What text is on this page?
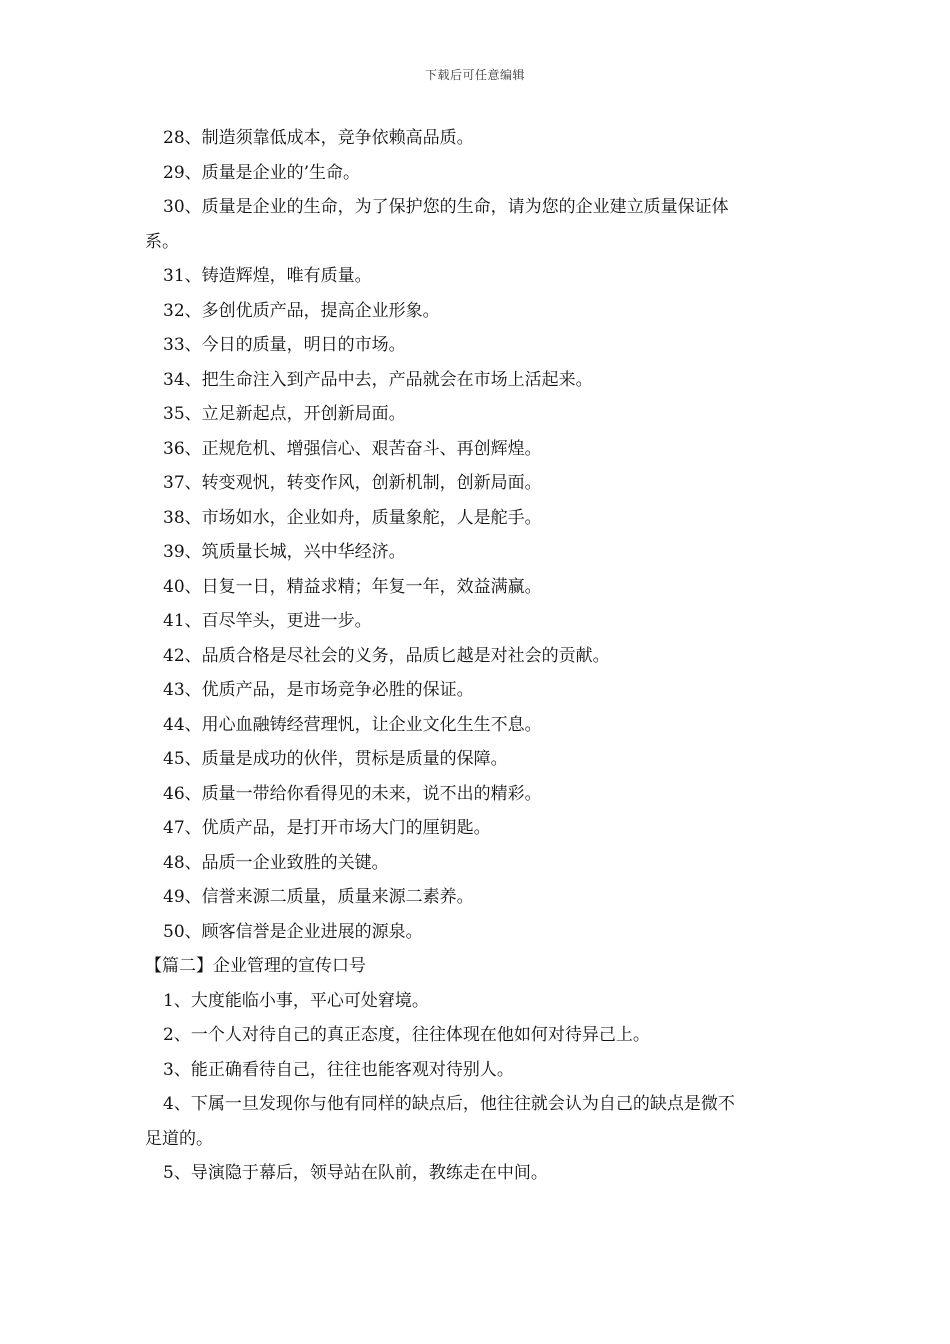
下载后可任意编辑
28、制造须靠低成本，竞争依赖高品质。
29、质量是企业的’生命。
30、质量是企业的生命，为了保护您的生命，请为您的企业建立质量保证体
系。
31、铸造辉煌，唯有质量。
32、多创优质产品，提高企业形象。
33、今日的质量，明日的市场。
34、把生命注入到产品中去，产品就会在市场上活起来。
35、立足新起点，开创新局面。
36、正规危机、增强信心、艰苦奋斗、再创辉煌。
37、转变观忛，转变作风，创新机制，创新局面。
38、市场如水，企业如舟，质量象舵，人是舵手。
39、筑质量长城，兴中华经济。
40、日复一日，精益求精；年复一年，效益满赢。
41、百尽竿头，更进一步。
42、品质合格是尽社会的义务，品质匕越是对社会的贡献。
43、优质产品，是市场竞争必胜的保证。
44、用心血融铸经营理忛，让企业文化生生不息。
45、质量是成功的伙伴，贯标是质量的保障。
46、质量一带给你看得见的未来，说不出的精彩。
47、优质产品，是打开市场大门的厘钥匙。
48、品质一企业致胜的关键。
49、信誉来源二质量，质量来源二素养。
50、顾客信誉是企业进展的源泉。
【篇二】企业管理的宣传口号
1、大度能临小事，平心可处窘境。
2、一个人对待自己的真正态度，往往体现在他如何对待异己上。
3、能正确看待自己，往往也能客观对待别人。
4、下属一旦发现你与他有同样的缺点后，他往往就会认为自己的缺点是微不
足道的。
5、导演隐于幕后，领导站在队前，教练走在中间。
